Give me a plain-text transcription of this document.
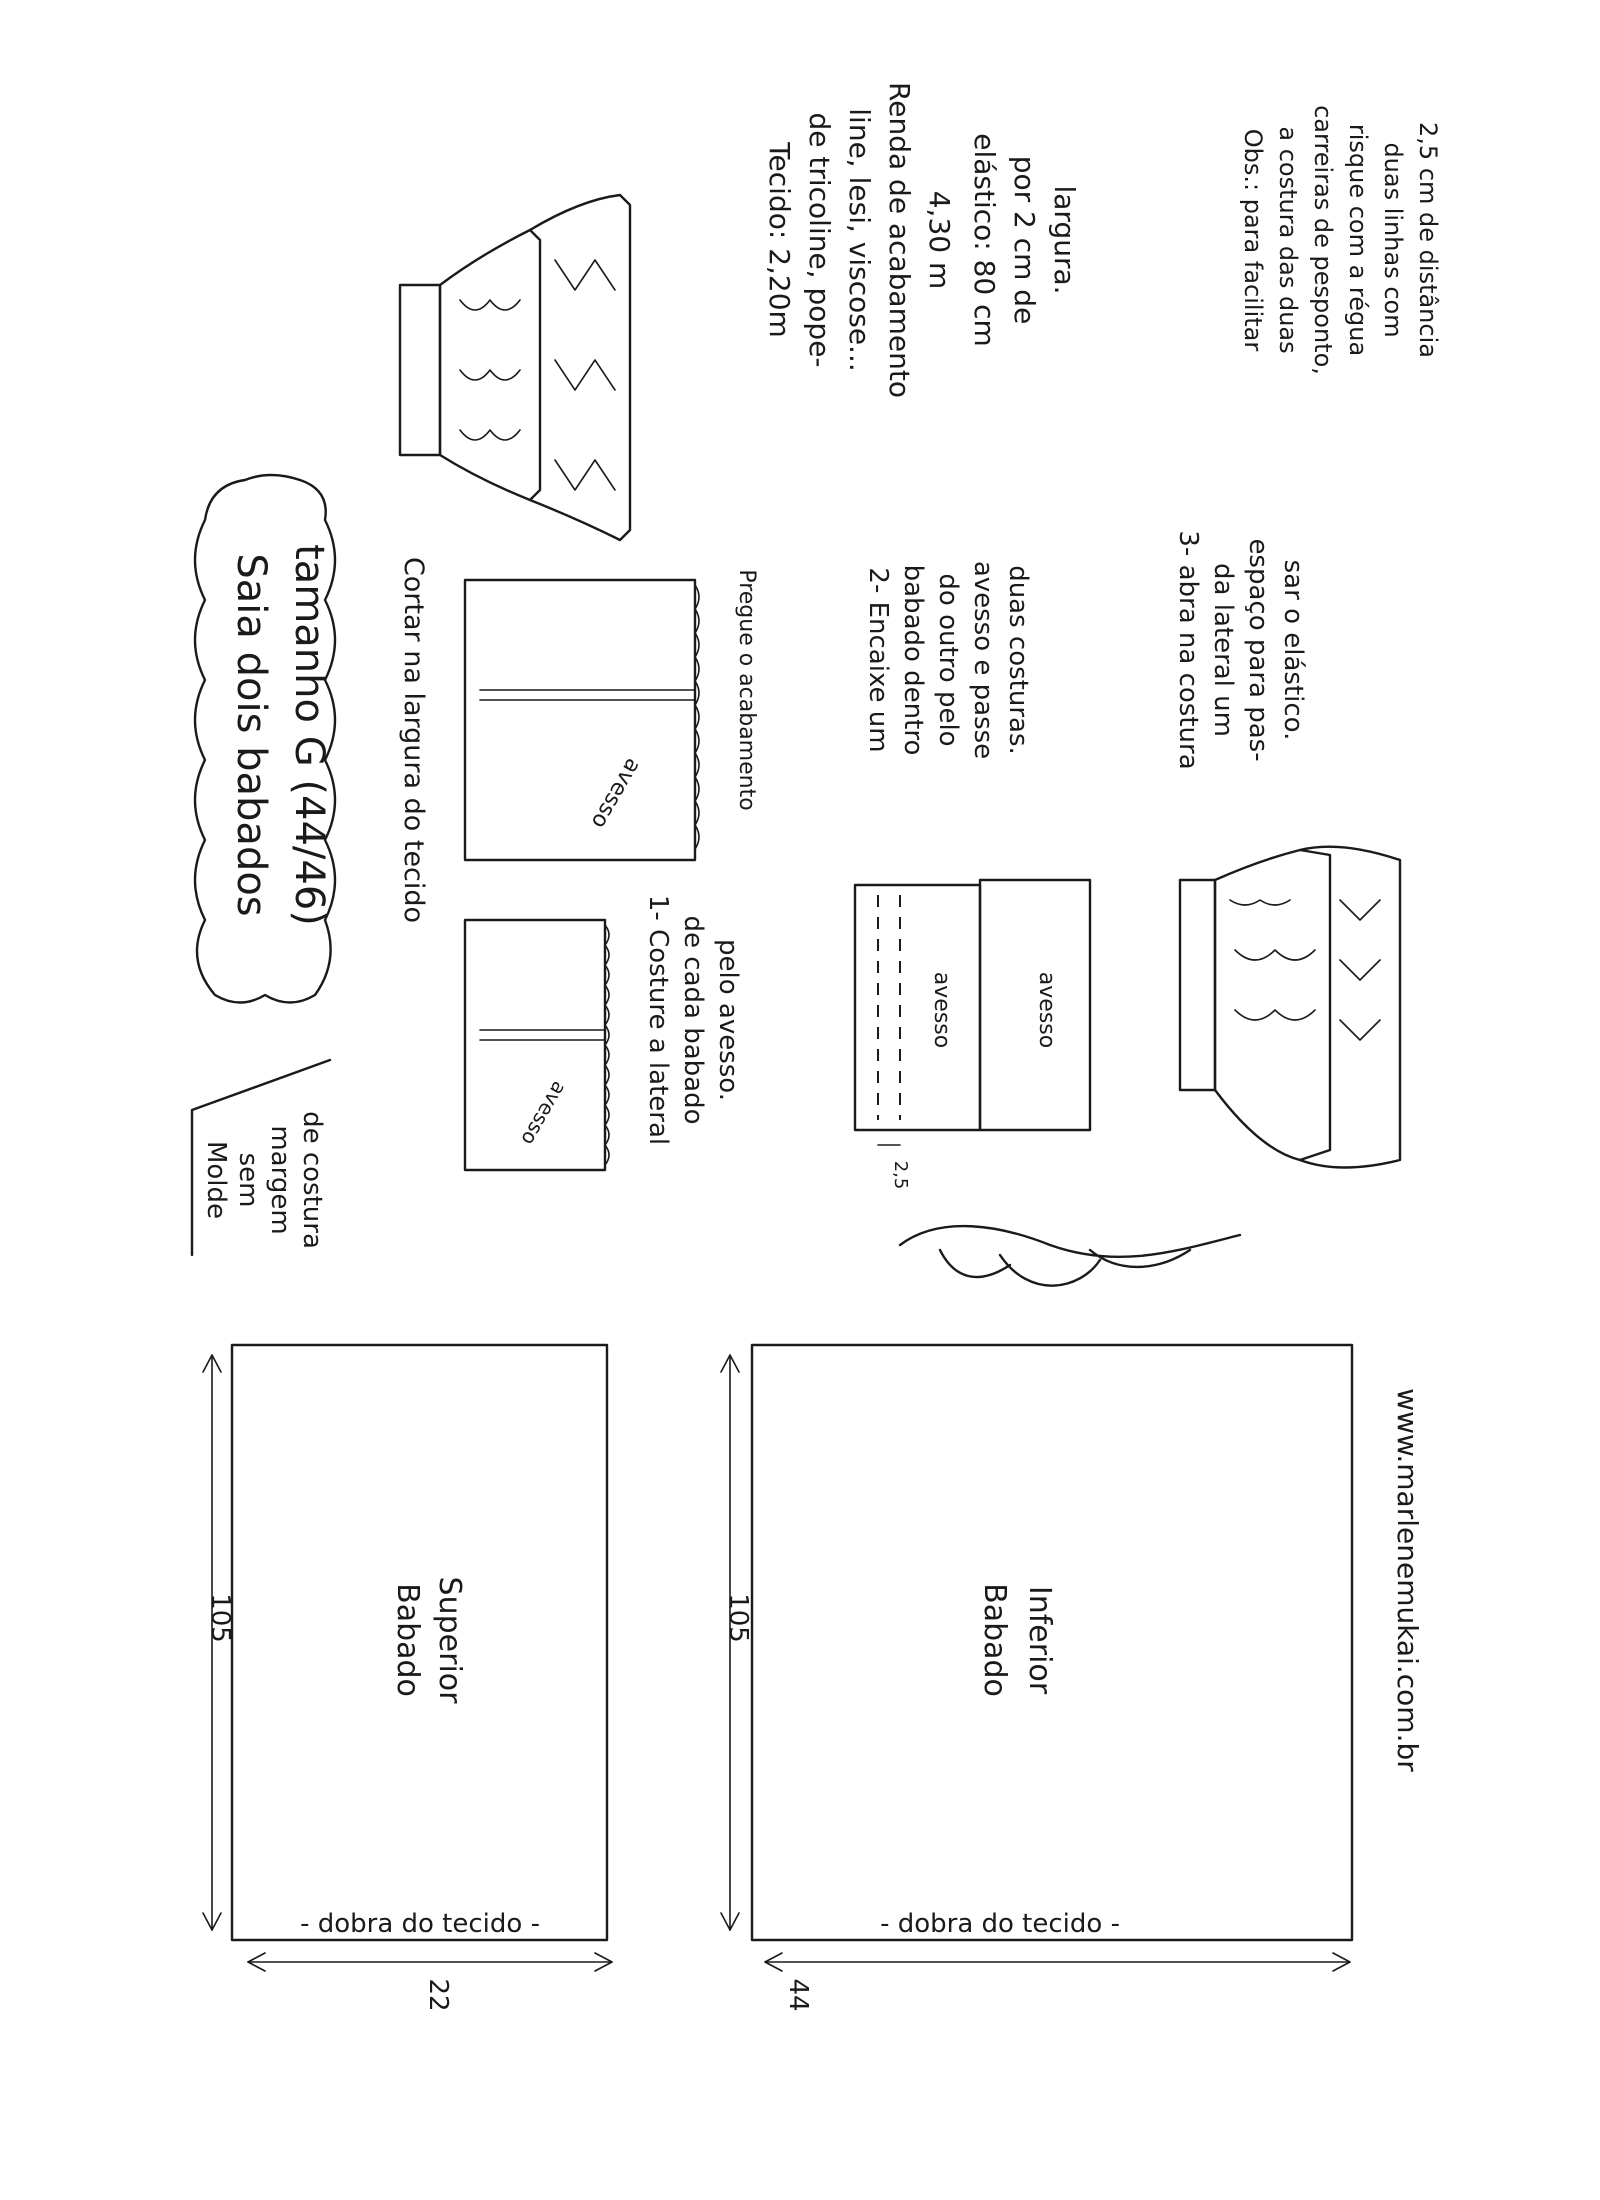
105
22
Babado Superior
- dobra do tecido -
105
44
Babado Inferior
- dobra do tecido -
www.marlenemukai.com.br
Molde sem margem de costura
Saia dois babados tamanho G (44/46) Cortar na largura do tecido
avesso
avesso	Pregue o acabamento
1- Costure a lateral de cada babado pelo avesso.	avesso	avesso
2,5
2- Encaixe um babado dentro do outro pelo avesso e passe duas costuras.	3- abra na costura da lateral um espaço para pas- sar o elástico.
Tecido: 2,20m de tricoline, pope- line, lesi, viscose... Renda de acabamento 4,30 m elástico: 80 cm por 2 cm de largura.	Obs.: para facilitar a costura das duas carreiras de pesponto, risque com a régua duas linhas com 2,5 cm de distância
